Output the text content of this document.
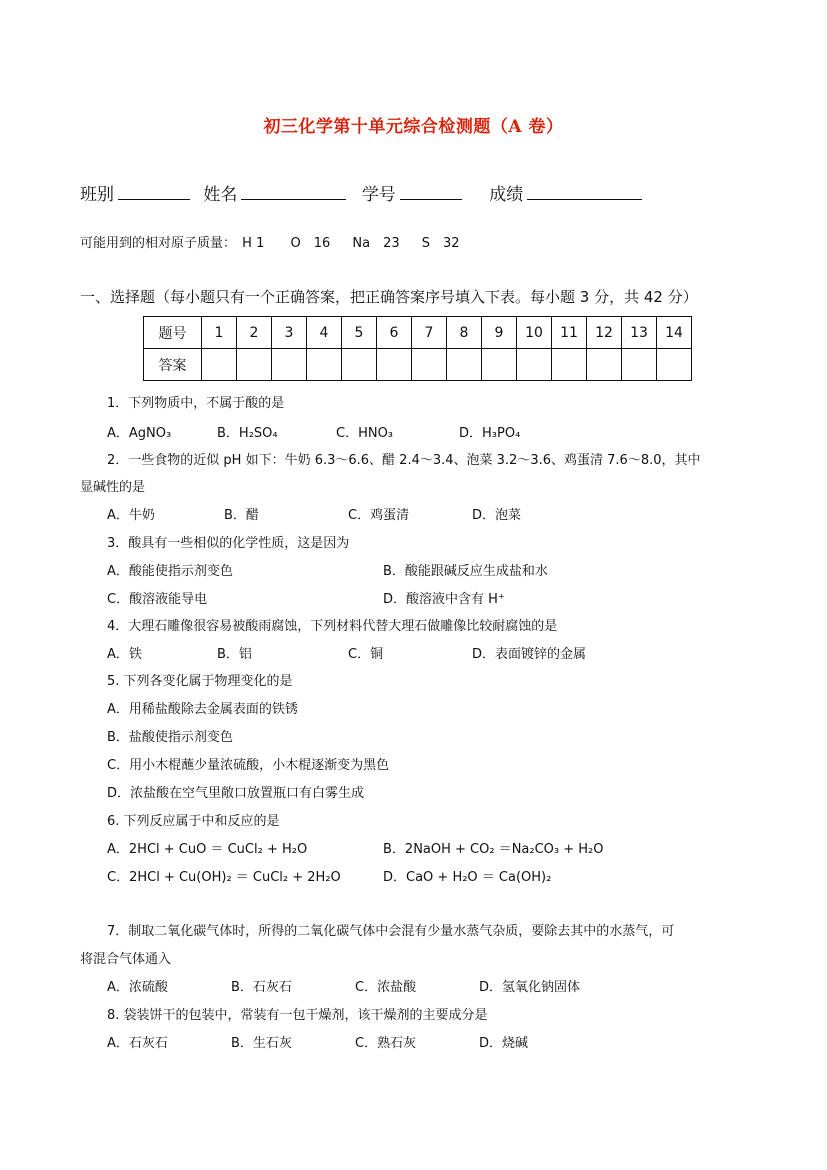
初三化学第十单元综合检测题（A 卷）
班别	姓名	学号	成绩
可能用到的相对原子质量： H 1 O　16 Na　23 S　32
一、选择题（每小题只有一个正确答案，把正确答案序号填入下表。每小题 3 分，共 42 分）
题号	1	2	3	4	5	6	7	8	9	10	11	12	13	14
答案														
1．下列物质中，不属于酸的是
A．AgNO₃	B．H₂SO₄	C．HNO₃	D．H₃PO₄
2．一些食物的近似 pH 如下：牛奶 6.3～6.6、醋 2.4～3.4、泡菜 3.2～3.6、鸡蛋清 7.6～8.0，其中
显碱性的是
A．牛奶	B．醋	C．鸡蛋清	D．泡菜
3．酸具有一些相似的化学性质，这是因为
A．酸能使指示剂变色	B．酸能跟碱反应生成盐和水
C．酸溶液能导电	D．酸溶液中含有 H⁺
4．大理石雕像很容易被酸雨腐蚀，下列材料代替大理石做雕像比较耐腐蚀的是
A．铁	B．铝	C．铜	D．表面镀锌的金属
5. 下列各变化属于物理变化的是
A．用稀盐酸除去金属表面的铁锈
B．盐酸使指示剂变色
C．用小木棍蘸少量浓硫酸，小木棍逐渐变为黑色
D．浓盐酸在空气里敞口放置瓶口有白雾生成
6. 下列反应属于中和反应的是
A．2HCl + CuO ＝ CuCl₂ + H₂O	B．2NaOH + CO₂ ＝Na₂CO₃ + H₂O
C．2HCl + Cu(OH)₂ ＝ CuCl₂ + 2H₂O	D．CaO + H₂O ＝ Ca(OH)₂
7．制取二氧化碳气体时，所得的二氧化碳气体中会混有少量水蒸气杂质，要除去其中的水蒸气，可
将混合气体通入
A．浓硫酸	B．石灰石	C．浓盐酸	D．氢氧化钠固体
8. 袋装饼干的包装中，常装有一包干燥剂，该干燥剂的主要成分是
A．石灰石	B．生石灰	C．熟石灰	D．烧碱
